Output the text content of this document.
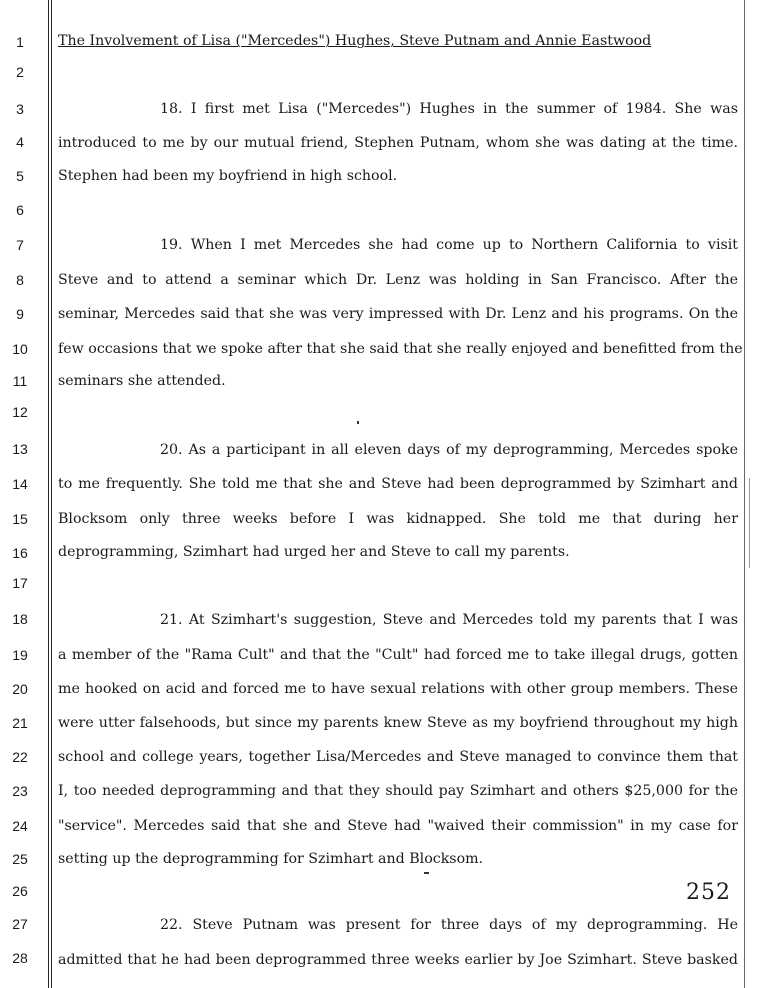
1
2
3
4
5
6
7
8
9
10
11
12
13
14
15
16
17
18
19
20
21
22
23
24
25
26
27
28
The Involvement of Lisa ("Mercedes") Hughes, Steve Putnam and Annie Eastwood
18. I first met Lisa ("Mercedes") Hughes in the summer of 1984. She was
introduced to me by our mutual friend, Stephen Putnam, whom she was dating at the time.
Stephen had been my boyfriend in high school.
19. When I met Mercedes she had come up to Northern California to visit
Steve and to attend a seminar which Dr. Lenz was holding in San Francisco. After the
seminar, Mercedes said that she was very impressed with Dr. Lenz and his programs. On the
few occasions that we spoke after that she said that she really enjoyed and benefitted from the
seminars she attended.
20. As a participant in all eleven days of my deprogramming, Mercedes spoke
to me frequently. She told me that she and Steve had been deprogrammed by Szimhart and
Blocksom only three weeks before I was kidnapped. She told me that during her
deprogramming, Szimhart had urged her and Steve to call my parents.
21. At Szimhart's suggestion, Steve and Mercedes told my parents that I was
a member of the "Rama Cult" and that the "Cult" had forced me to take illegal drugs, gotten
me hooked on acid and forced me to have sexual relations with other group members. These
were utter falsehoods, but since my parents knew Steve as my boyfriend throughout my high
school and college years, together Lisa/Mercedes and Steve managed to convince them that
I, too needed deprogramming and that they should pay Szimhart and others $25,000 for the
"service". Mercedes said that she and Steve had "waived their commission" in my case for
setting up the deprogramming for Szimhart and Blocksom.
252
22. Steve Putnam was present for three days of my deprogramming. He
admitted that he had been deprogrammed three weeks earlier by Joe Szimhart. Steve basked
